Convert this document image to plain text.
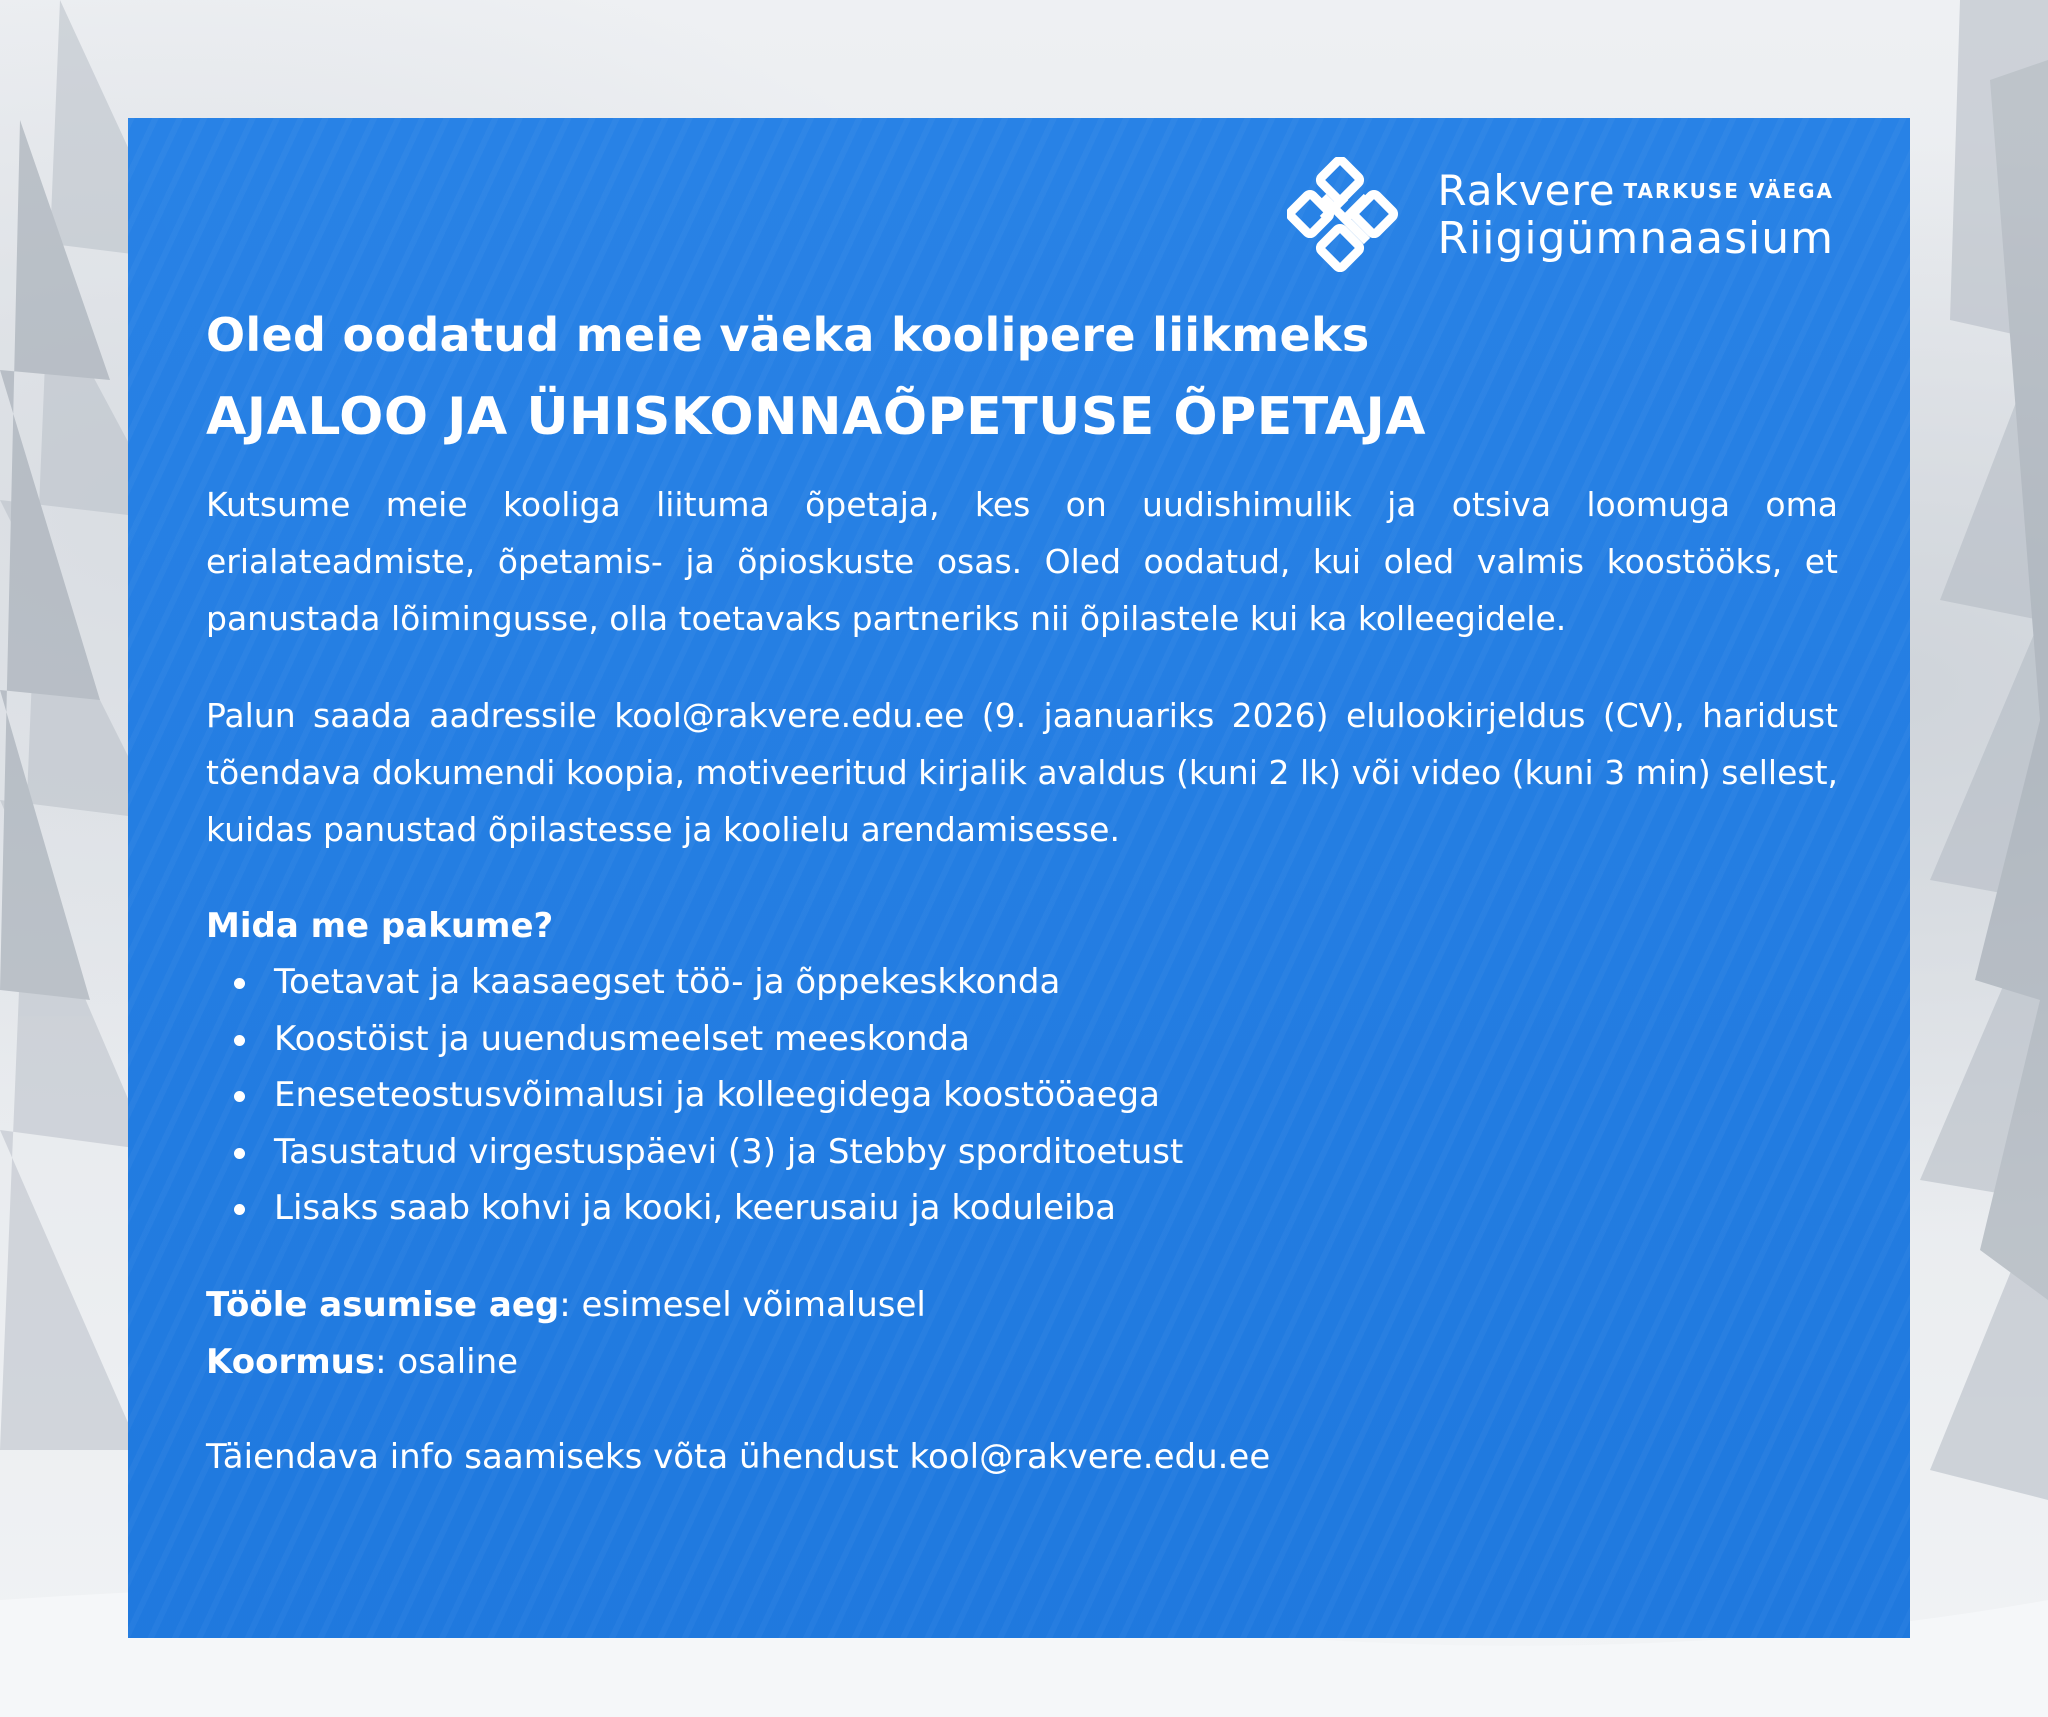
Rakvere
Riigigümnaasium
TARKUSE VÄEGA
Oled oodatud meie väeka koolipere liikmeks
AJALOO JA ÜHISKONNAÕPETUSE ÕPETAJA

Kutsume meie kooliga liituma õpetaja, kes on uudishimulik ja otsiva loomuga oma erialateadmiste, õpetamis- ja õpioskuste osas. Oled oodatud, kui oled valmis koostööks, et panustada lõimingusse, olla toetavaks partneriks nii õpilastele kui ka kolleegidele.

Palun saada aadressile kool@rakvere.edu.ee (9. jaanuariks 2026) elulookirjeldus (CV), haridust tõendava dokumendi koopia, motiveeritud kirjalik avaldus (kuni 2 lk) või video (kuni 3 min) sellest, kuidas panustad õpilastesse ja koolielu arendamisesse.

Mida me pakume?
Toetavat ja kaasaegset töö- ja õppekeskkonda
Koostöist ja uuendusmeelset meeskonda
Eneseteostusvõimalusi ja kolleegidega koostööaega
Tasustatud virgestuspäevi (3) ja Stebby sporditoetust
Lisaks saab kohvi ja kooki, keerusaiu ja koduleiba
Tööle asumise aeg: esimesel võimalusel
Koormus: osaline
Täiendava info saamiseks võta ühendust kool@rakvere.edu.ee
